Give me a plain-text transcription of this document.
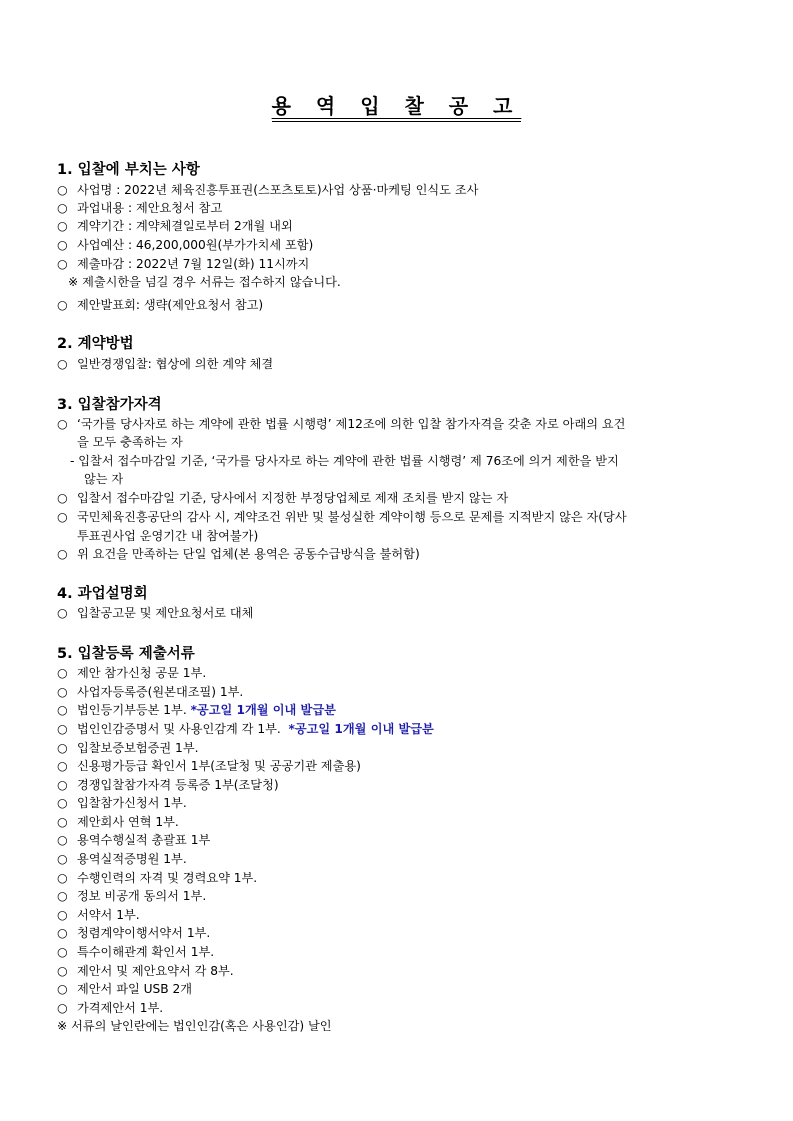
용 역 입 찰 공 고
1. 입찰에 부치는 사항
○ 사업명 : 2022년 체육진흥투표권(스포츠토토)사업 상품·마케팅 인식도 조사
○ 과업내용 : 제안요청서 참고
○ 계약기간 : 계약체결일로부터 2개월 내외
○ 사업예산 : 46,200,000원(부가가치세 포함)
○ 제출마감 : 2022년 7월 12일(화) 11시까지
※ 제출시한을 넘길 경우 서류는 접수하지 않습니다.
○ 제안발표회: 생략(제안요청서 참고)
2. 계약방법
○ 일반경쟁입찰: 협상에 의한 계약 체결
3. 입찰참가자격
○ ‘국가를 당사자로 하는 계약에 관한 법률 시행령’ 제12조에 의한 입찰 참가자격을 갖춘 자로 아래의 요건
을 모두 충족하는 자
- 입찰서 접수마감일 기준, ‘국가를 당사자로 하는 계약에 관한 법률 시행령’ 제 76조에 의거 제한을 받지
않는 자
○ 입찰서 접수마감일 기준, 당사에서 지정한 부정당업체로 제재 조치를 받지 않는 자
○ 국민체육진흥공단의 감사 시, 계약조건 위반 및 불성실한 계약이행 등으로 문제를 지적받지 않은 자(당사
투표권사업 운영기간 내 참여불가)
○ 위 요건을 만족하는 단일 업체(본 용역은 공동수급방식을 불허함)
4. 과업설명회
○ 입찰공고문 및 제안요청서로 대체
5. 입찰등록 제출서류
○ 제안 참가신청 공문 1부.
○ 사업자등록증(원본대조필) 1부.
○ 법인등기부등본 1부. *공고일 1개월 이내 발급분
○ 법인인감증명서 및 사용인감계 각 1부. *공고일 1개월 이내 발급분
○ 입찰보증보험증권 1부.
○ 신용평가등급 확인서 1부(조달청 및 공공기관 제출용)
○ 경쟁입찰참가자격 등록증 1부(조달청)
○ 입찰참가신청서 1부.
○ 제안회사 연혁 1부.
○ 용역수행실적 총괄표 1부
○ 용역실적증명원 1부.
○ 수행인력의 자격 및 경력요약 1부.
○ 정보 비공개 동의서 1부.
○ 서약서 1부.
○ 청렴계약이행서약서 1부.
○ 특수이해관계 확인서 1부.
○ 제안서 및 제안요약서 각 8부.
○ 제안서 파일 USB 2개
○ 가격제안서 1부.
※ 서류의 날인란에는 법인인감(혹은 사용인감) 날인
